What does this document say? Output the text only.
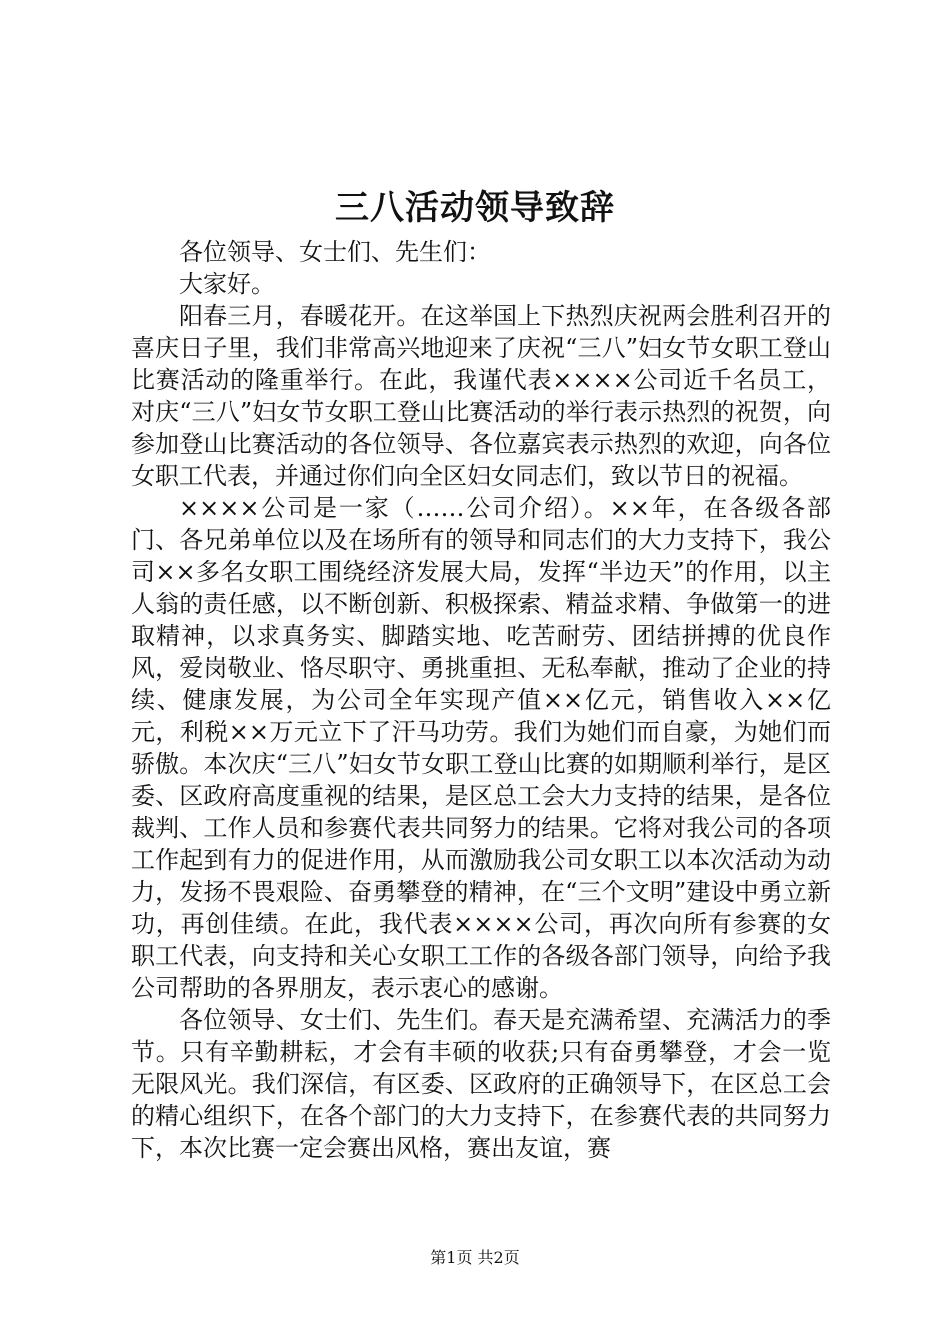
三八活动领导致辞

各位领导、女士们、先生们：

大家好。

阳春三月，春暖花开。在这举国上下热烈庆祝两会胜利召开的喜庆日子里，我们非常高兴地迎来了庆祝“三八”妇女节女职工登山比赛活动的隆重举行。在此，我谨代表××××公司近千名员工，对庆“三八”妇女节女职工登山比赛活动的举行表示热烈的祝贺，向参加登山比赛活动的各位领导、各位嘉宾表示热烈的欢迎，向各位女职工代表，并通过你们向全区妇女同志们，致以节日的祝福。

××××公司是一家（……公司介绍）。××年，在各级各部门、各兄弟单位以及在场所有的领导和同志们的大力支持下，我公司××多名女职工围绕经济发展大局，发挥“半边天”的作用，以主人翁的责任感，以不断创新、积极探索、精益求精、争做第一的进取精神，以求真务实、脚踏实地、吃苦耐劳、团结拼搏的优良作风，爱岗敬业、恪尽职守、勇挑重担、无私奉献，推动了企业的持续、健康发展，为公司全年实现产值××亿元，销售收入××亿元，利税××万元立下了汗马功劳。我们为她们而自豪，为她们而骄傲。本次庆“三八”妇女节女职工登山比赛的如期顺利举行，是区委、区政府高度重视的结果，是区总工会大力支持的结果，是各位裁判、工作人员和参赛代表共同努力的结果。它将对我公司的各项工作起到有力的促进作用，从而激励我公司女职工以本次活动为动力，发扬不畏艰险、奋勇攀登的精神，在“三个文明”建设中勇立新功，再创佳绩。在此，我代表××××公司，再次向所有参赛的女职工代表，向支持和关心女职工工作的各级各部门领导，向给予我公司帮助的各界朋友，表示衷心的感谢。

各位领导、女士们、先生们。春天是充满希望、充满活力的季节。只有辛勤耕耘，才会有丰硕的收获;只有奋勇攀登，才会一览无限风光。我们深信，有区委、区政府的正确领导下，在区总工会的精心组织下，在各个部门的大力支持下，在参赛代表的共同努力下，本次比赛一定会赛出风格，赛出友谊，赛

第1页 共2页
